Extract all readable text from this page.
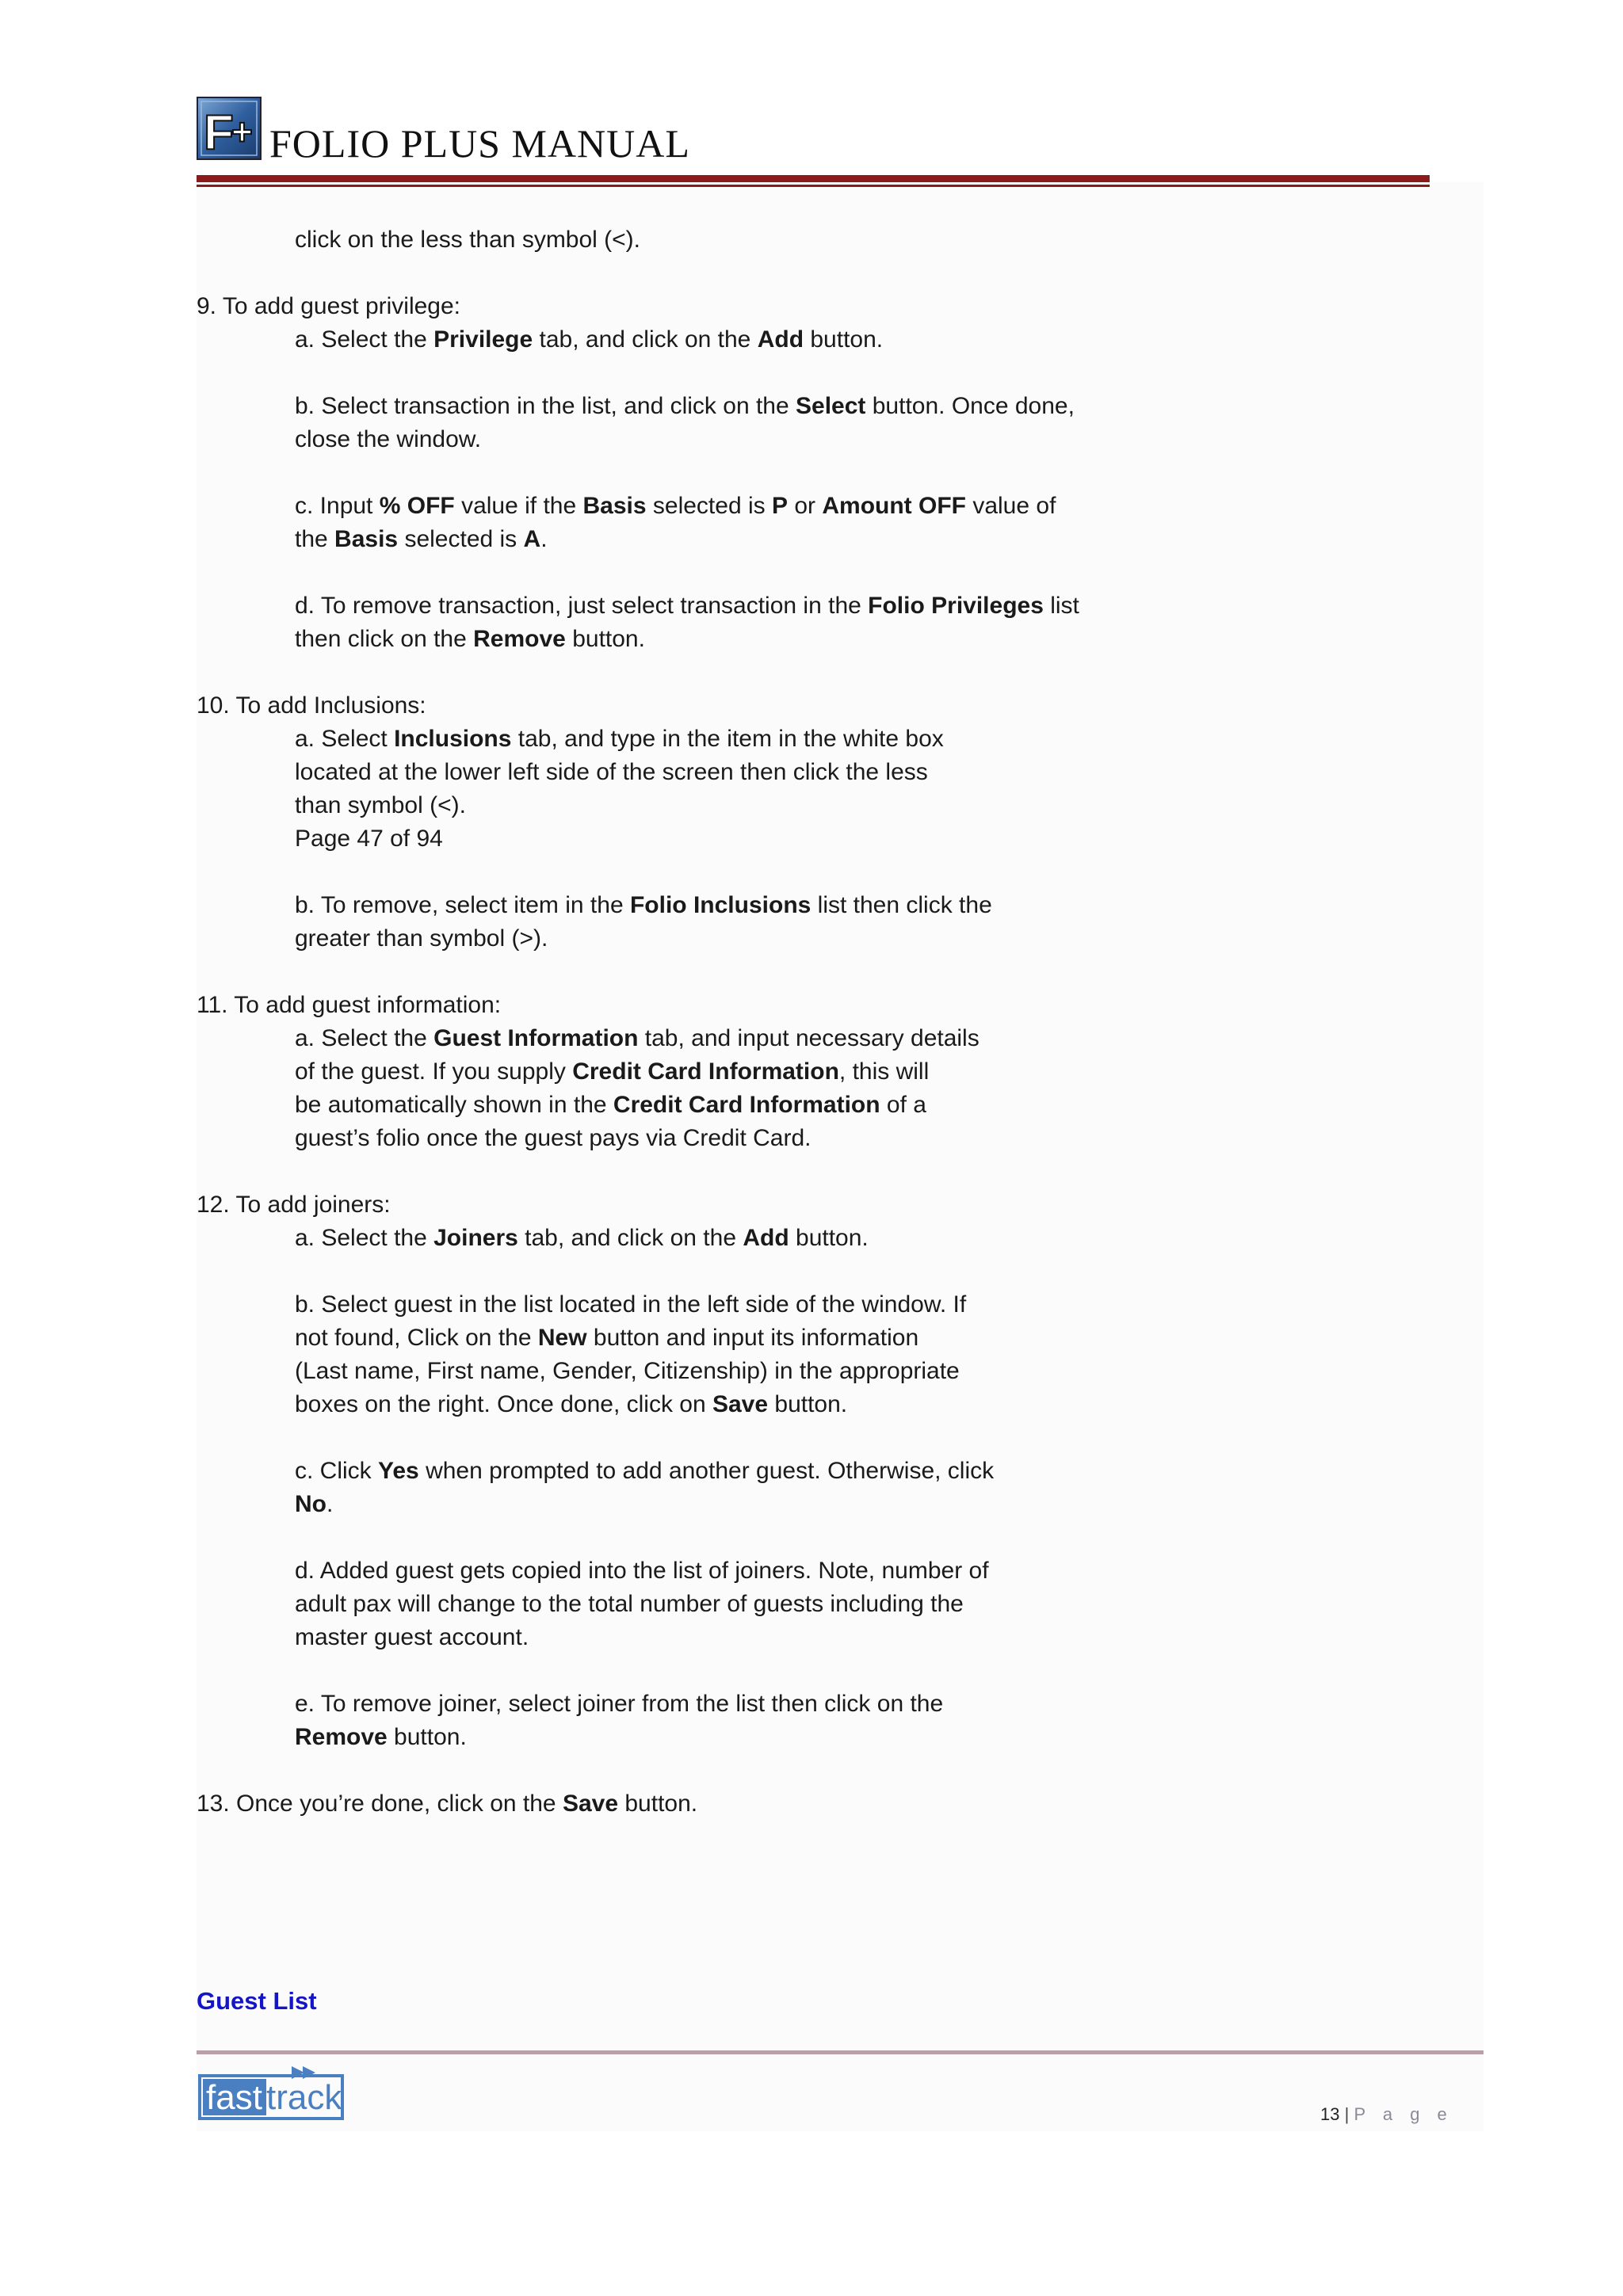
F
+ FOLIO PLUS MANUAL

click on the less than symbol (<).

9. To add guest privilege:

a. Select the Privilege tab, and click on the Add button.

b. Select transaction in the list, and click on the Select button. Once done,

close the window.

c. Input % OFF value if the Basis selected is P or Amount OFF value of

the Basis selected is A.

d. To remove transaction, just select transaction in the Folio Privileges list

then click on the Remove button.

10. To add Inclusions:

a. Select Inclusions tab, and type in the item in the white box

located at the lower left side of the screen then click the less

than symbol (<).

Page 47 of 94

b. To remove, select item in the Folio Inclusions list then click the

greater than symbol (>).

11. To add guest information:

a. Select the Guest Information tab, and input necessary details

of the guest. If you supply Credit Card Information, this will

be automatically shown in the Credit Card Information of a

guest’s folio once the guest pays via Credit Card.

12. To add joiners:

a. Select the Joiners tab, and click on the Add button.

b. Select guest in the list located in the left side of the window. If

not found, Click on the New button and input its information

(Last name, First name, Gender, Citizenship) in the appropriate

boxes on the right. Once done, click on Save button.

c. Click Yes when prompted to add another guest. Otherwise, click

No.

d. Added guest gets copied into the list of joiners. Note, number of

adult pax will change to the total number of guests including the

master guest account.

e. To remove joiner, select joiner from the list then click on the

Remove button.

13. Once you’re done, click on the Save button.

Guest List
fast track	13 | P a g e
